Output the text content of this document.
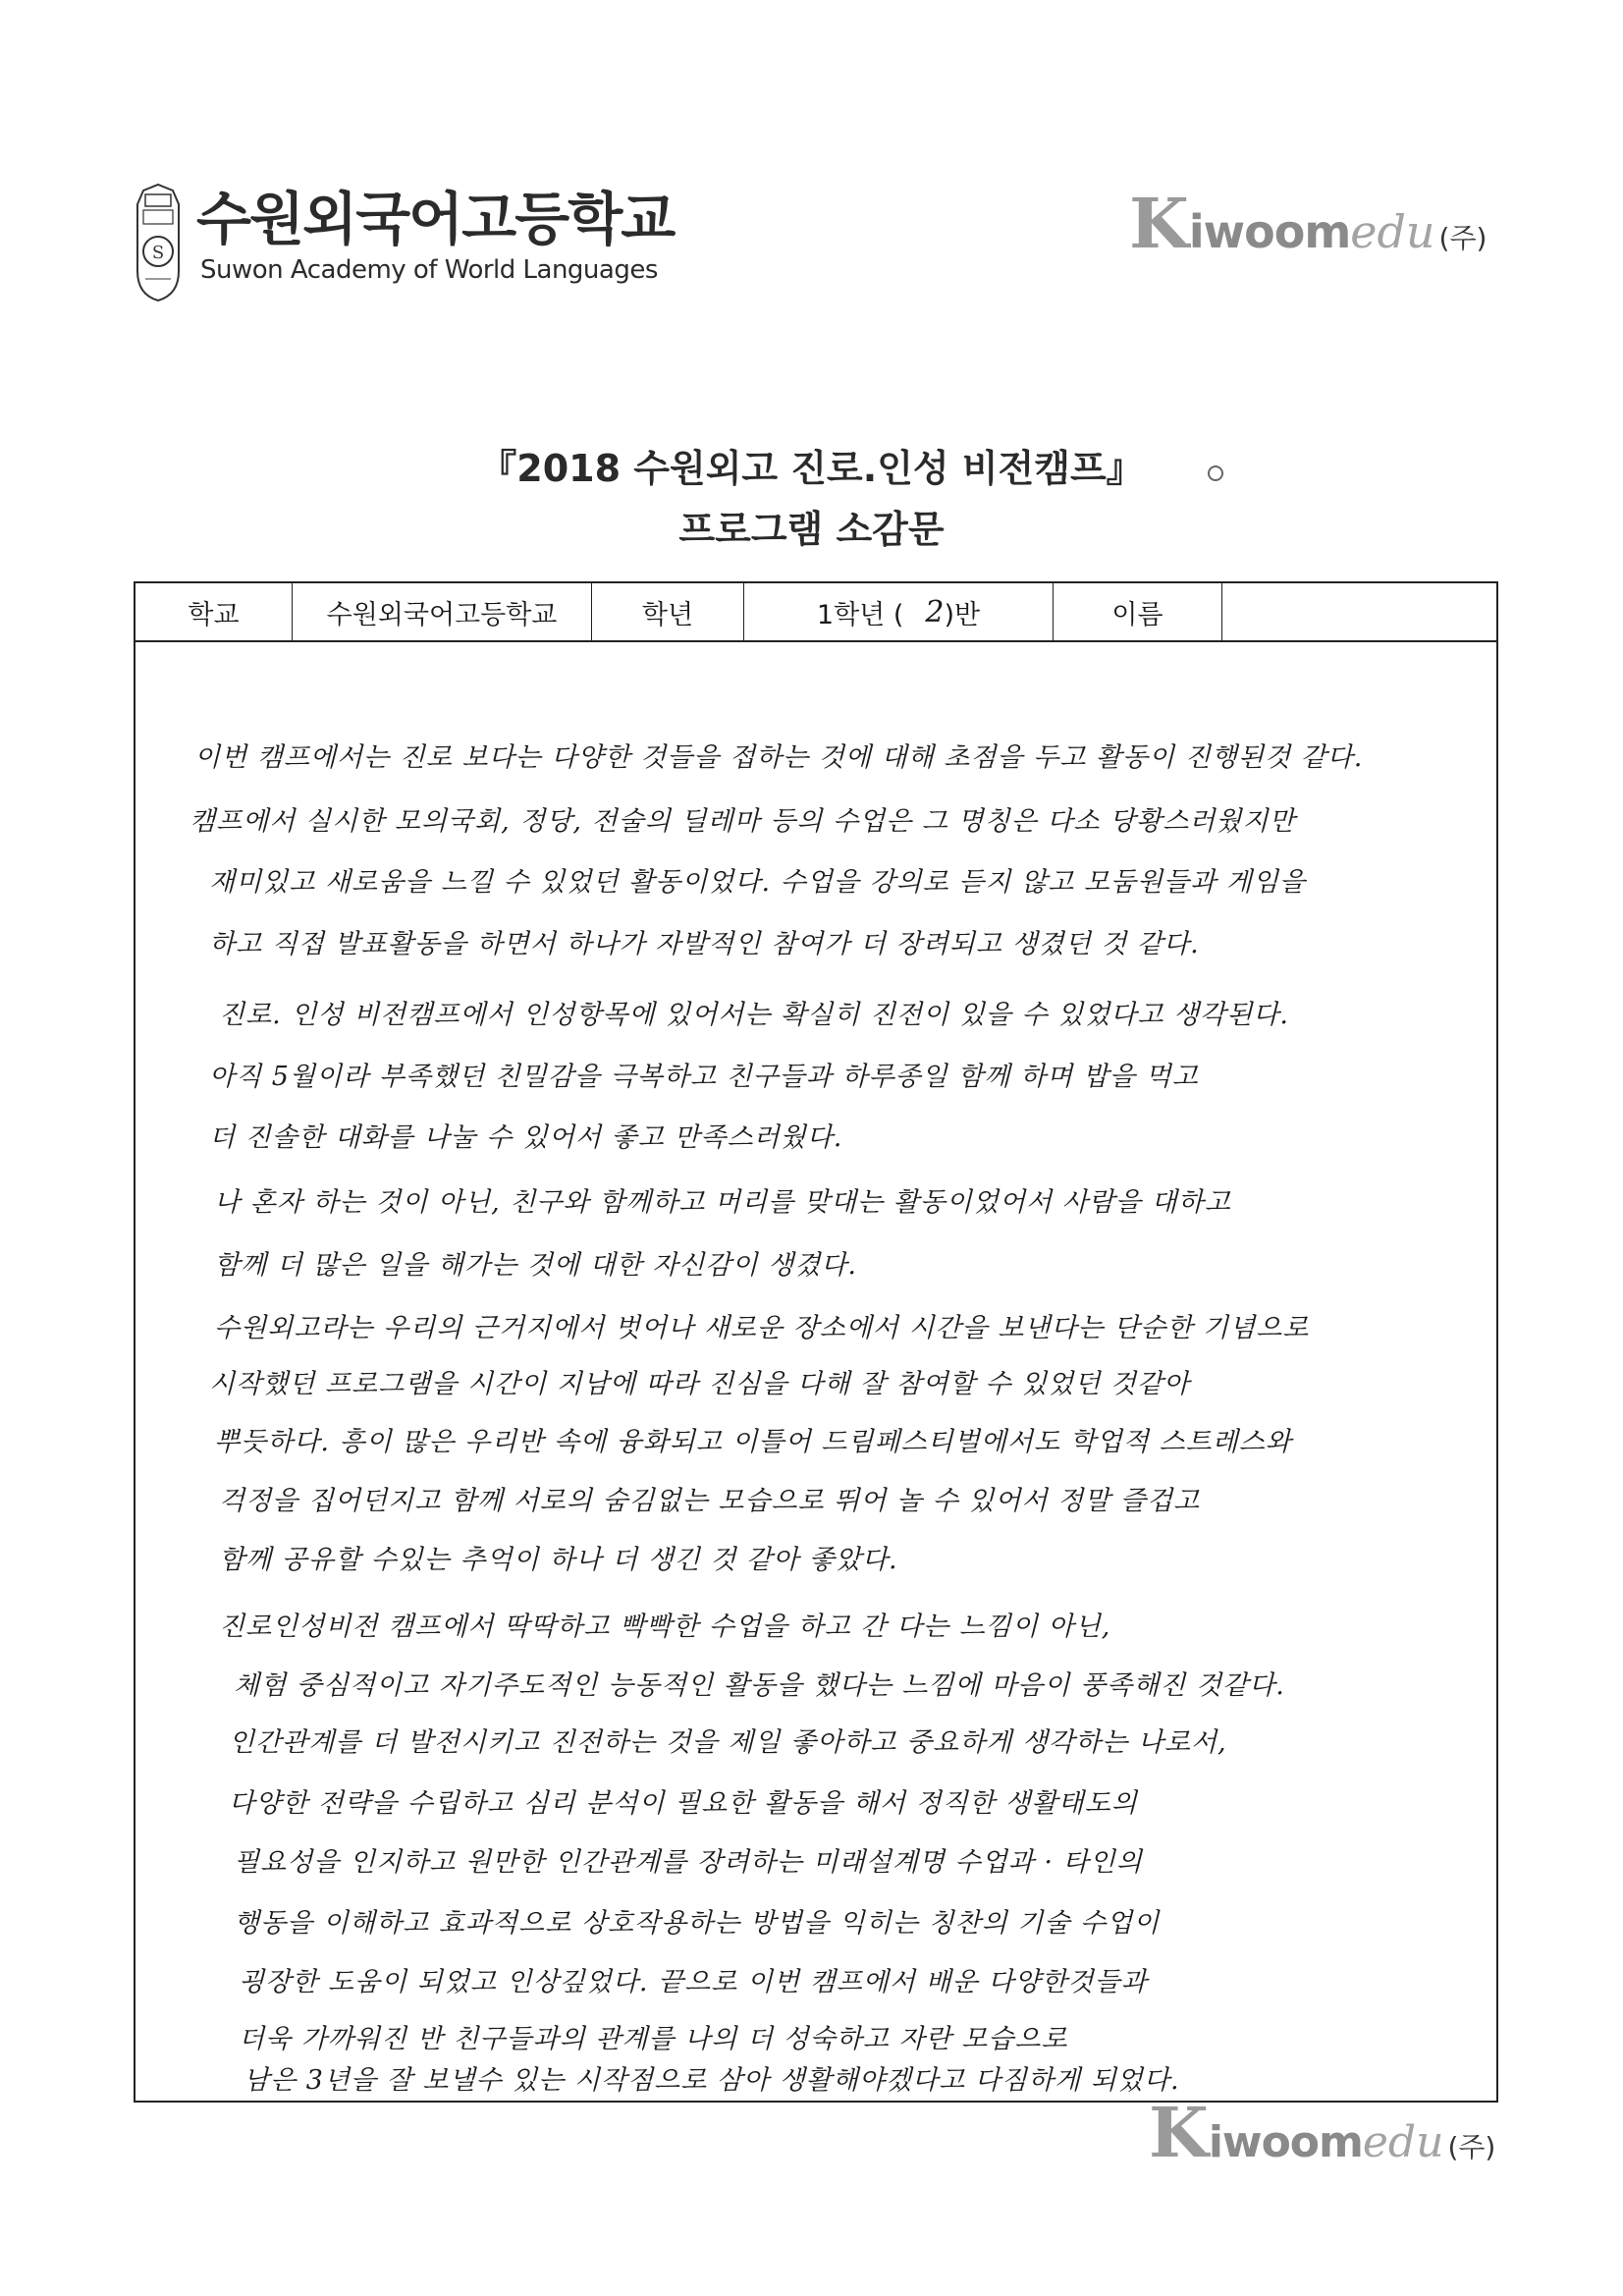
S
수원외국어고등학교
Suwon Academy of World Languages
Kiwoomedu (주)
『2018 수원외고 진로.인성 비전캠프』
프로그램 소감문
학교	수원외국어고등학교	학년	1학년 ( 2 )반	이름
이번 캠프에서는 진로 보다는 다양한 것들을 접하는 것에 대해 초점을 두고 활동이 진행된것 같다.
캠프에서 실시한 모의국회, 정당, 전술의 딜레마 등의 수업은 그 명칭은 다소 당황스러웠지만
재미있고 새로움을 느낄 수 있었던 활동이었다. 수업을 강의로 듣지 않고 모둠원들과 게임을
하고 직접 발표활동을 하면서 하나가 자발적인 참여가 더 장려되고 생겼던 것 같다.
진로. 인성 비전캠프에서 인성항목에 있어서는 확실히 진전이 있을 수 있었다고 생각된다.
아직 5월이라 부족했던 친밀감을 극복하고 친구들과 하루종일 함께 하며 밥을 먹고
더 진솔한 대화를 나눌 수 있어서 좋고 만족스러웠다.
나 혼자 하는 것이 아닌, 친구와 함께하고 머리를 맞대는 활동이었어서 사람을 대하고
함께 더 많은 일을 해가는 것에 대한 자신감이 생겼다.
수원외고라는 우리의 근거지에서 벗어나 새로운 장소에서 시간을 보낸다는 단순한 기념으로
시작했던 프로그램을 시간이 지남에 따라 진심을 다해 잘 참여할 수 있었던 것같아
뿌듯하다. 흥이 많은 우리반 속에 융화되고 이틀어 드림페스티벌에서도 학업적 스트레스와
걱정을 집어던지고 함께 서로의 숨김없는 모습으로 뛰어 놀 수 있어서 정말 즐겁고
함께 공유할 수있는 추억이 하나 더 생긴 것 같아 좋았다.
진로인성비전 캠프에서 딱딱하고 빡빡한 수업을 하고 간 다는 느낌이 아닌,
체험 중심적이고 자기주도적인 능동적인 활동을 했다는 느낌에 마음이 풍족해진 것같다.
인간관계를 더 발전시키고 진전하는 것을 제일 좋아하고 중요하게 생각하는 나로서,
다양한 전략을 수립하고 심리 분석이 필요한 활동을 해서 정직한 생활태도의
필요성을 인지하고 원만한 인간관계를 장려하는 미래설계명 수업과 · 타인의
행동을 이해하고 효과적으로 상호작용하는 방법을 익히는 칭찬의 기술 수업이
굉장한 도움이 되었고 인상깊었다. 끝으로 이번 캠프에서 배운 다양한것들과
더욱 가까워진 반 친구들과의 관계를 나의 더 성숙하고 자란 모습으로
남은 3년을 잘 보낼수 있는 시작점으로 삼아 생활해야겠다고 다짐하게 되었다.
Kiwoomedu (주)
